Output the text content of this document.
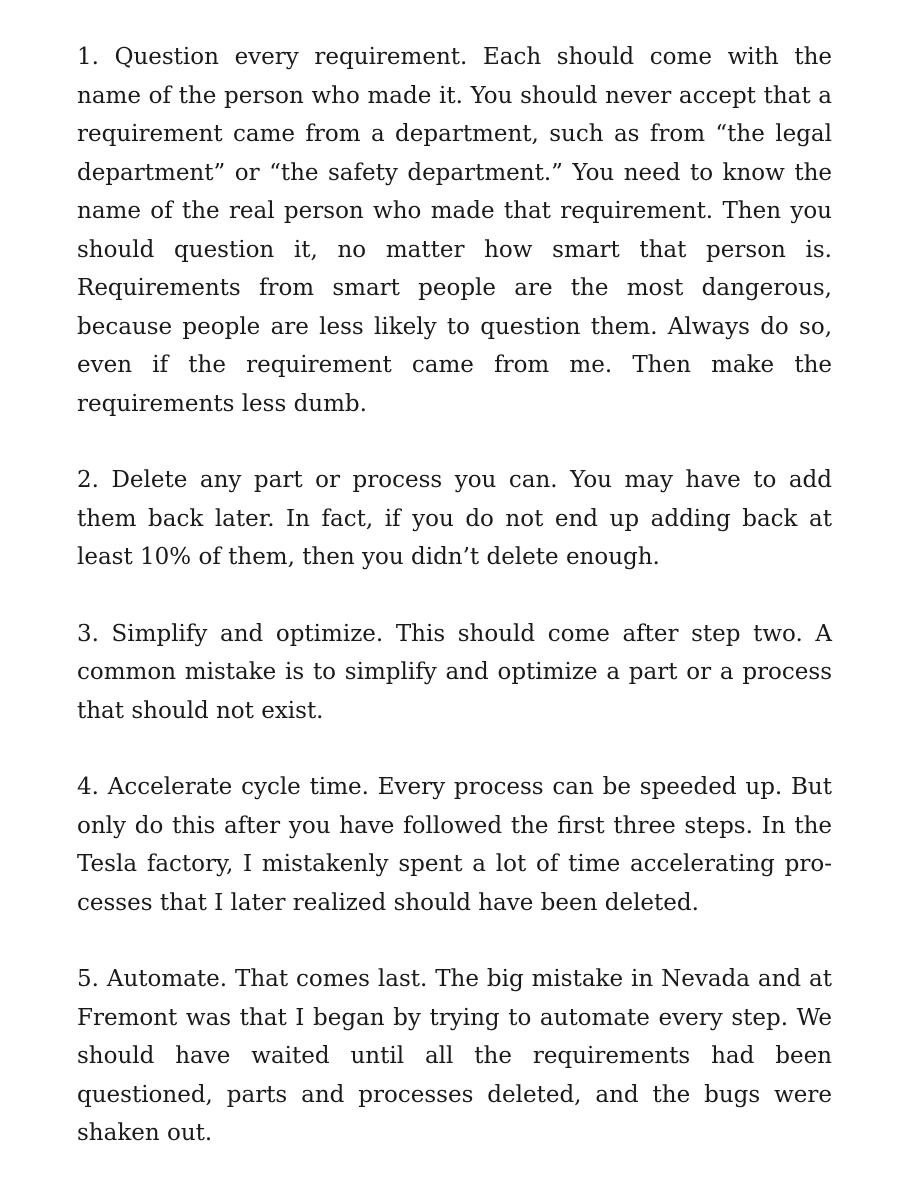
1. Question every requirement. Each should come with the name of the person who made it. You should never accept that a requirement came from a department, such as from “the legal department” or “the safety department.” You need to know the name of the real person who made that requirement. Then you should question it, no matter how smart that person is. Requirements from smart people are the most dangerous, because people are less likely to question them. Always do so, even if the requirement came from me. Then make the requirements less dumb.

2. Delete any part or process you can. You may have to add them back later. In fact, if you do not end up adding back at least 10% of them, then you didn’t delete enough.

3. Simplify and optimize. This should come after step two. A common mistake is to simplify and optimize a part or a process that should not exist.

4. Accelerate cycle time. Every process can be speeded up. But only do this after you have followed the first three steps. In the Tesla factory, I mistakenly spent a lot of time accelerating processes that I later realized should have been deleted.

5. Automate. That comes last. The big mistake in Nevada and at Fremont was that I began by trying to automate every step. We should have waited until all the requirements had been questioned, parts and processes deleted, and the bugs were shaken out.
